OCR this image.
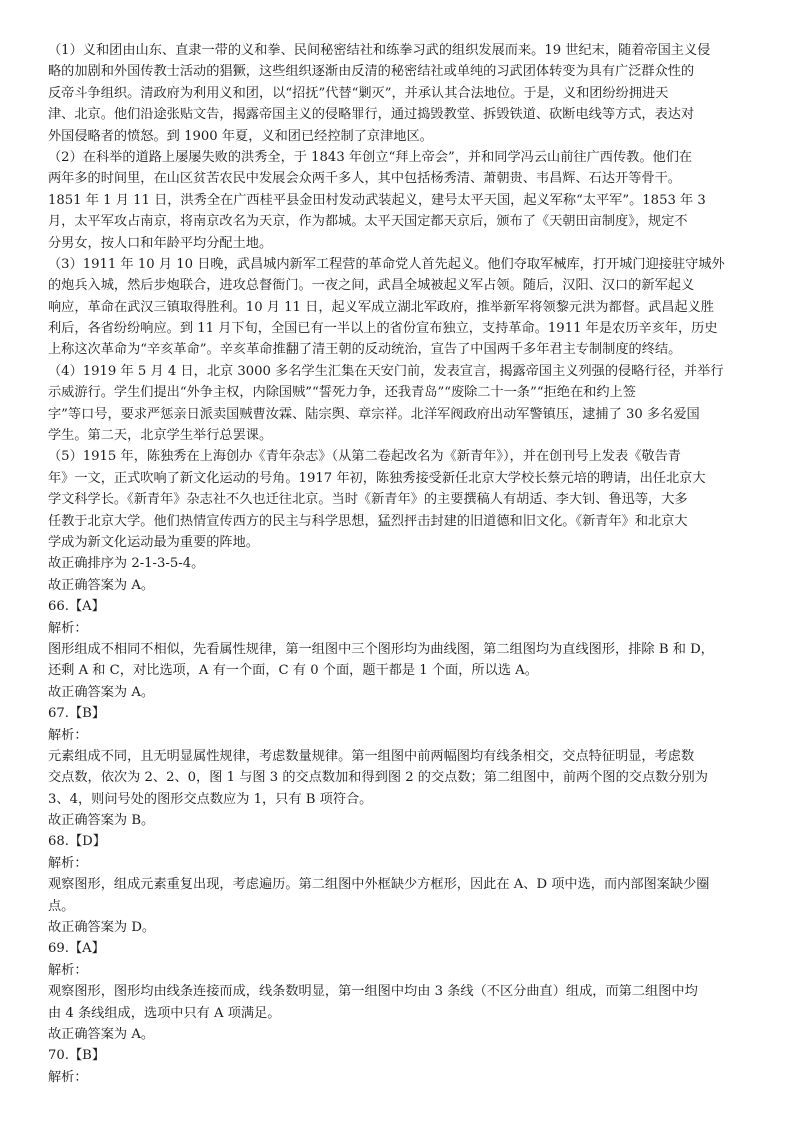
（1）义和团由山东、直隶一带的义和拳、民间秘密结社和练拳习武的组织发展而来。19 世纪末，随着帝国主义侵
略的加剧和外国传教士活动的猖獗，这些组织逐渐由反清的秘密结社或单纯的习武团体转变为具有广泛群众性的
反帝斗争组织。清政府为利用义和团，以“招抚”代替“剿灭”，并承认其合法地位。于是，义和团纷纷拥进天
津、北京。他们沿途张贴文告，揭露帝国主义的侵略罪行，通过捣毁教堂、拆毁铁道、砍断电线等方式，表达对
外国侵略者的愤怒。到 1900 年夏，义和团已经控制了京津地区。
（2）在科举的道路上屡屡失败的洪秀全，于 1843 年创立“拜上帝会”，并和同学冯云山前往广西传教。他们在
两年多的时间里，在山区贫苦农民中发展会众两千多人，其中包括杨秀清、萧朝贵、韦昌辉、石达开等骨干。
1851 年 1 月 11 日，洪秀全在广西桂平县金田村发动武装起义，建号太平天国，起义军称“太平军”。1853 年 3
月，太平军攻占南京，将南京改名为天京，作为都城。太平天国定都天京后，颁布了《天朝田亩制度》，规定不
分男女，按人口和年龄平均分配土地。
（3）1911 年 10 月 10 日晚，武昌城内新军工程营的革命党人首先起义。他们夺取军械库，打开城门迎接驻守城外
的炮兵入城，然后步炮联合，进攻总督衙门。一夜之间，武昌全城被起义军占领。随后，汉阳、汉口的新军起义
响应，革命在武汉三镇取得胜利。10 月 11 日，起义军成立湖北军政府，推举新军将领黎元洪为都督。武昌起义胜
利后，各省纷纷响应。到 11 月下旬，全国已有一半以上的省份宣布独立，支持革命。1911 年是农历辛亥年，历史
上称这次革命为“辛亥革命”。辛亥革命推翻了清王朝的反动统治，宣告了中国两千多年君主专制制度的终结。
（4）1919 年 5 月 4 日，北京 3000 多名学生汇集在天安门前，发表宣言，揭露帝国主义列强的侵略行径，并举行
示威游行。学生们提出“外争主权，内除国贼”“誓死力争，还我青岛”“废除二十一条”“拒绝在和约上签
字”等口号，要求严惩亲日派卖国贼曹汝霖、陆宗舆、章宗祥。北洋军阀政府出动军警镇压，逮捕了 30 多名爱国
学生。第二天，北京学生举行总罢课。
（5）1915 年，陈独秀在上海创办《青年杂志》（从第二卷起改名为《新青年》），并在创刊号上发表《敬告青
年》一文，正式吹响了新文化运动的号角。1917 年初，陈独秀接受新任北京大学校长蔡元培的聘请，出任北京大
学文科学长。《新青年》杂志社不久也迁往北京。当时《新青年》的主要撰稿人有胡适、李大钊、鲁迅等，大多
任教于北京大学。他们热情宣传西方的民主与科学思想，猛烈抨击封建的旧道德和旧文化。《新青年》和北京大
学成为新文化运动最为重要的阵地。
故正确排序为 2-1-3-5-4。
故正确答案为 A。
66.【A】
解析：
图形组成不相同不相似，先看属性规律，第一组图中三个图形均为曲线图，第二组图均为直线图形，排除 B 和 D，
还剩 A 和 C，对比选项，A 有一个面，C 有 0 个面，题干都是 1 个面，所以选 A。
故正确答案为 A。
67.【B】
解析：
元素组成不同，且无明显属性规律，考虑数量规律。第一组图中前两幅图均有线条相交，交点特征明显，考虑数
交点数，依次为 2、2、0，图 1 与图 3 的交点数加和得到图 2 的交点数；第二组图中，前两个图的交点数分别为
3、4，则问号处的图形交点数应为 1，只有 B 项符合。
故正确答案为 B。
68.【D】
解析：
观察图形，组成元素重复出现，考虑遍历。第二组图中外框缺少方框形，因此在 A、D 项中选，而内部图案缺少圈
点。
故正确答案为 D。
69.【A】
解析：
观察图形，图形均由线条连接而成，线条数明显，第一组图中均由 3 条线（不区分曲直）组成，而第二组图中均
由 4 条线组成，选项中只有 A 项满足。
故正确答案为 A。
70.【B】
解析：
